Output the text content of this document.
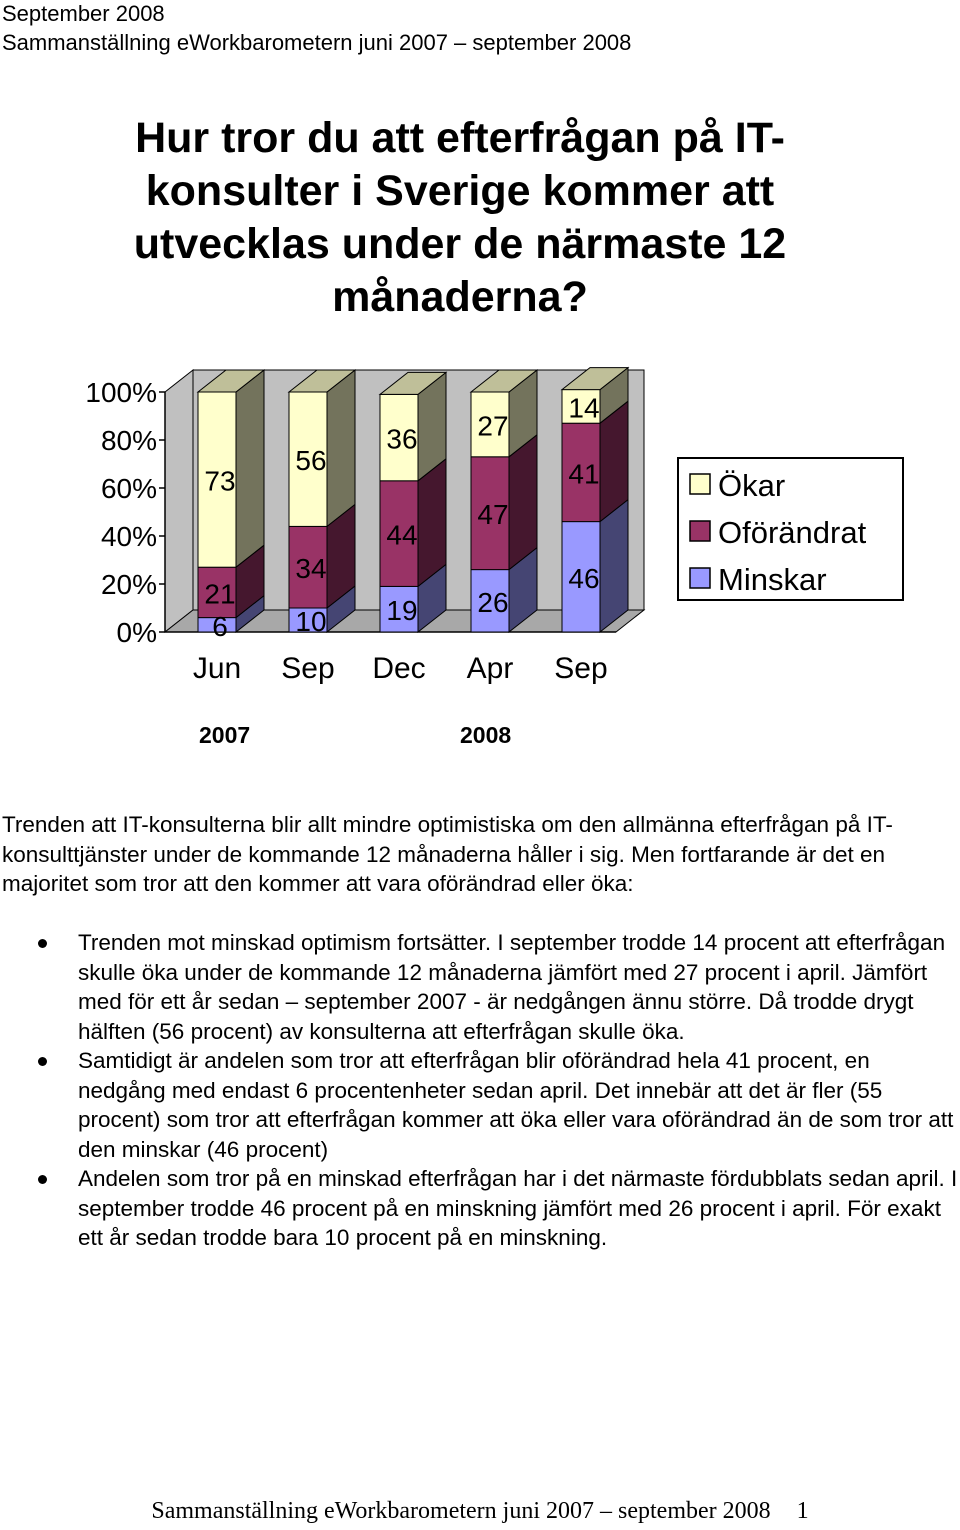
September 2008
Sammanställning eWorkbarometern juni 2007 – september 2008
Hur tror du att efterfrågan på IT-
konsulter i Sverige kommer att
utvecklas under de närmaste 12
månaderna?
0%
20%
40%
60%
80%
100%
6
21
73
Jun
10
34
56
Sep
19
44
36
Dec
26
47
27
Apr
46
41
14
Sep
Ökar
Oförändrat
Minskar
2007	2008
Trenden att IT-konsulterna blir allt mindre optimistiska om den allmänna efterfrågan på IT-konsulttjänster under de kommande 12 månaderna håller i sig. Men fortfarande är det en majoritet som tror att den kommer att vara oförändrad eller öka:
Trenden mot minskad optimism fortsätter. I september trodde 14 procent att efterfrågan skulle öka under de kommande 12 månaderna jämfört med 27 procent i april. Jämfört med för ett år sedan – september 2007 - är nedgången ännu större. Då trodde drygt hälften (56 procent) av konsulterna att efterfrågan skulle öka.
Samtidigt är andelen som tror att efterfrågan blir oförändrad hela 41 procent, en nedgång med endast 6 procentenheter sedan april. Det innebär att det är fler (55 procent) som tror att efterfrågan kommer att öka eller vara oförändrad än de som tror att den minskar (46 procent)
Andelen som tror på en minskad efterfrågan har i det närmaste fördubblats sedan april. I september trodde 46 procent på en minskning jämfört med 26 procent i april. För exakt ett år sedan trodde bara 10 procent på en minskning.
Sammanställning eWorkbarometern juni 2007 – september 2008 1
